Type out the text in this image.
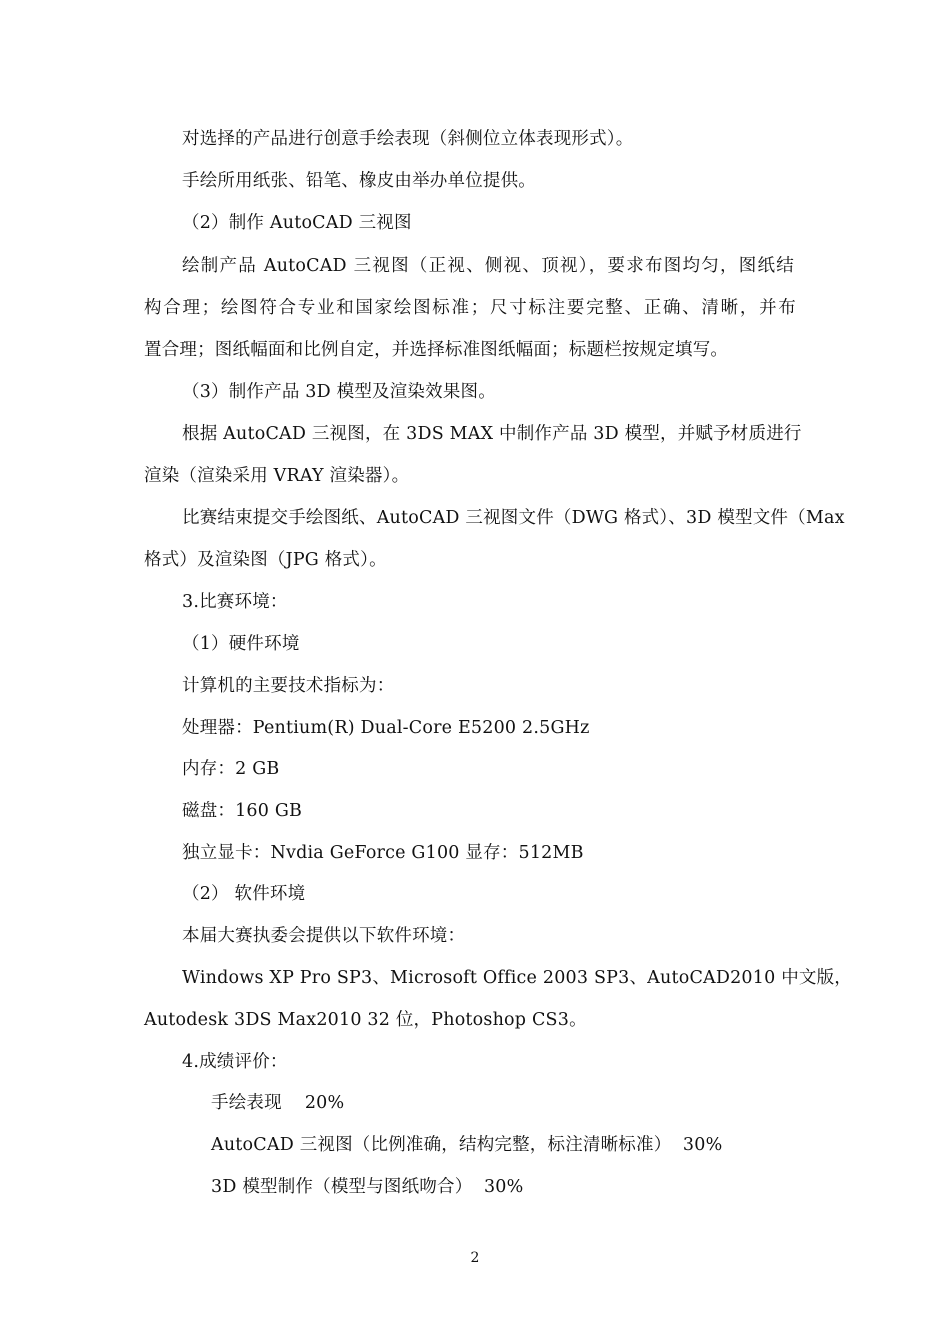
对选择的产品进行创意手绘表现（斜侧位立体表现形式）。
手绘所用纸张、铅笔、橡皮由举办单位提供。
（2）制作 AutoCAD 三视图
绘制产品 AutoCAD 三视图（正视、侧视、顶视），要求布图均匀，图纸结
构合理；绘图符合专业和国家绘图标准；尺寸标注要完整、正确、清晰，并布
置合理；图纸幅面和比例自定，并选择标准图纸幅面；标题栏按规定填写。
（3）制作产品 3D 模型及渲染效果图。
根据 AutoCAD 三视图，在 3DS MAX 中制作产品 3D 模型，并赋予材质进行
渲染（渲染采用 VRAY 渲染器）。
比赛结束提交手绘图纸、AutoCAD 三视图文件（DWG 格式）、3D 模型文件（Max
格式）及渲染图（JPG 格式）。
3.比赛环境：
（1）硬件环境
计算机的主要技术指标为：
处理器：Pentium(R) Dual-Core E5200 2.5GHz
内存：2 GB
磁盘：160 GB
独立显卡：Nvdia GeForce G100 显存：512MB
（2） 软件环境
本届大赛执委会提供以下软件环境：
Windows XP Pro SP3、Microsoft Office 2003 SP3、AutoCAD2010 中文版，
Autodesk 3DS Max2010 32 位，Photoshop CS3。
4.成绩评价：
手绘表现    20%
AutoCAD 三视图（比例准确，结构完整，标注清晰标准）  30%
3D 模型制作（模型与图纸吻合）  30%
2
